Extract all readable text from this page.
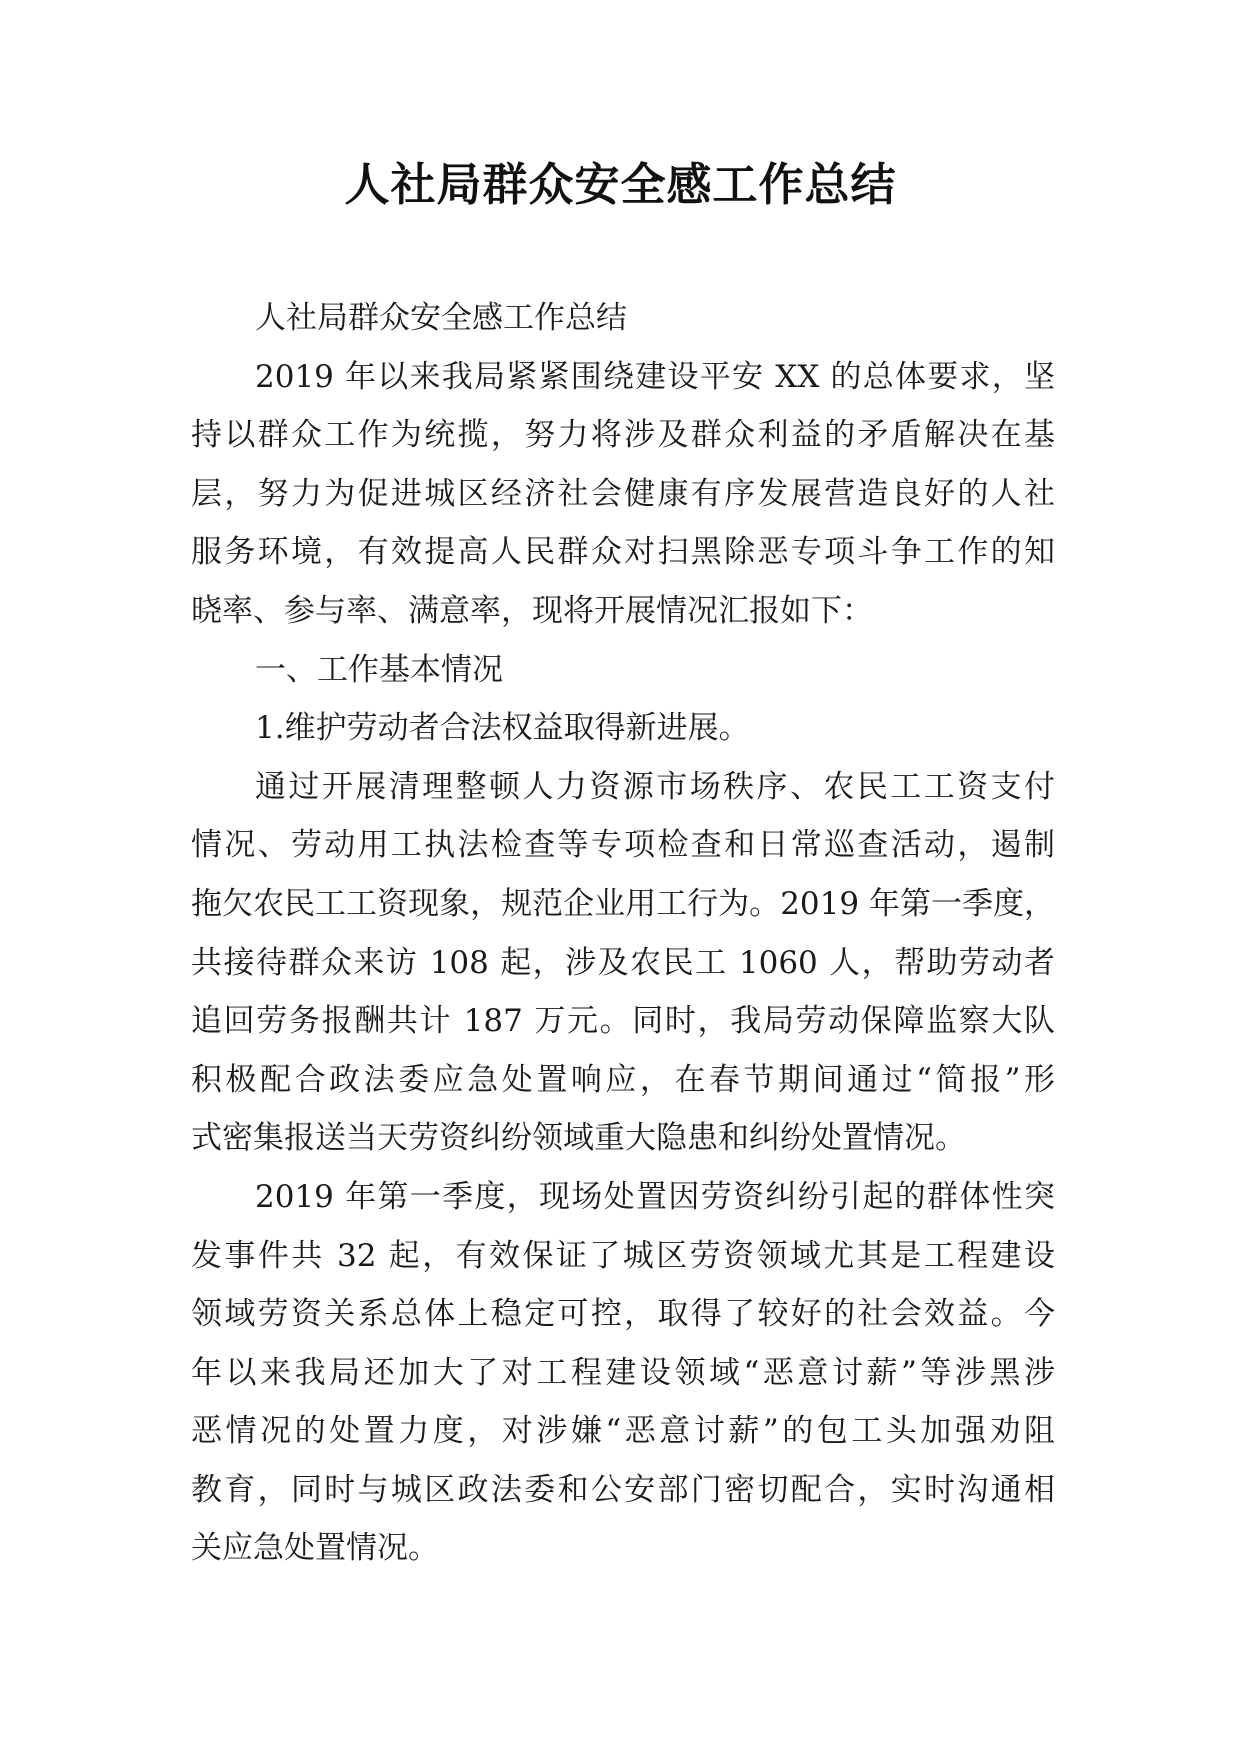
人社局群众安全感工作总结
人社局群众安全感工作总结
2019 年以来我局紧紧围绕建设平安 XX 的总体要求，坚
持以群众工作为统揽，努力将涉及群众利益的矛盾解决在基
层，努力为促进城区经济社会健康有序发展营造良好的人社
服务环境，有效提高人民群众对扫黑除恶专项斗争工作的知
晓率、参与率、满意率，现将开展情况汇报如下：
一、工作基本情况
1.维护劳动者合法权益取得新进展。
通过开展清理整顿人力资源市场秩序、农民工工资支付
情况、劳动用工执法检查等专项检查和日常巡查活动，遏制
拖欠农民工工资现象，规范企业用工行为。2019 年第一季度，
共接待群众来访 108 起，涉及农民工 1060 人，帮助劳动者
追回劳务报酬共计 187 万元。同时，我局劳动保障监察大队
积极配合政法委应急处置响应，在春节期间通过“简报”形
式密集报送当天劳资纠纷领域重大隐患和纠纷处置情况。
2019 年第一季度，现场处置因劳资纠纷引起的群体性突
发事件共 32 起，有效保证了城区劳资领域尤其是工程建设
领域劳资关系总体上稳定可控，取得了较好的社会效益。今
年以来我局还加大了对工程建设领域“恶意讨薪”等涉黑涉
恶情况的处置力度，对涉嫌“恶意讨薪”的包工头加强劝阻
教育，同时与城区政法委和公安部门密切配合，实时沟通相
关应急处置情况。
